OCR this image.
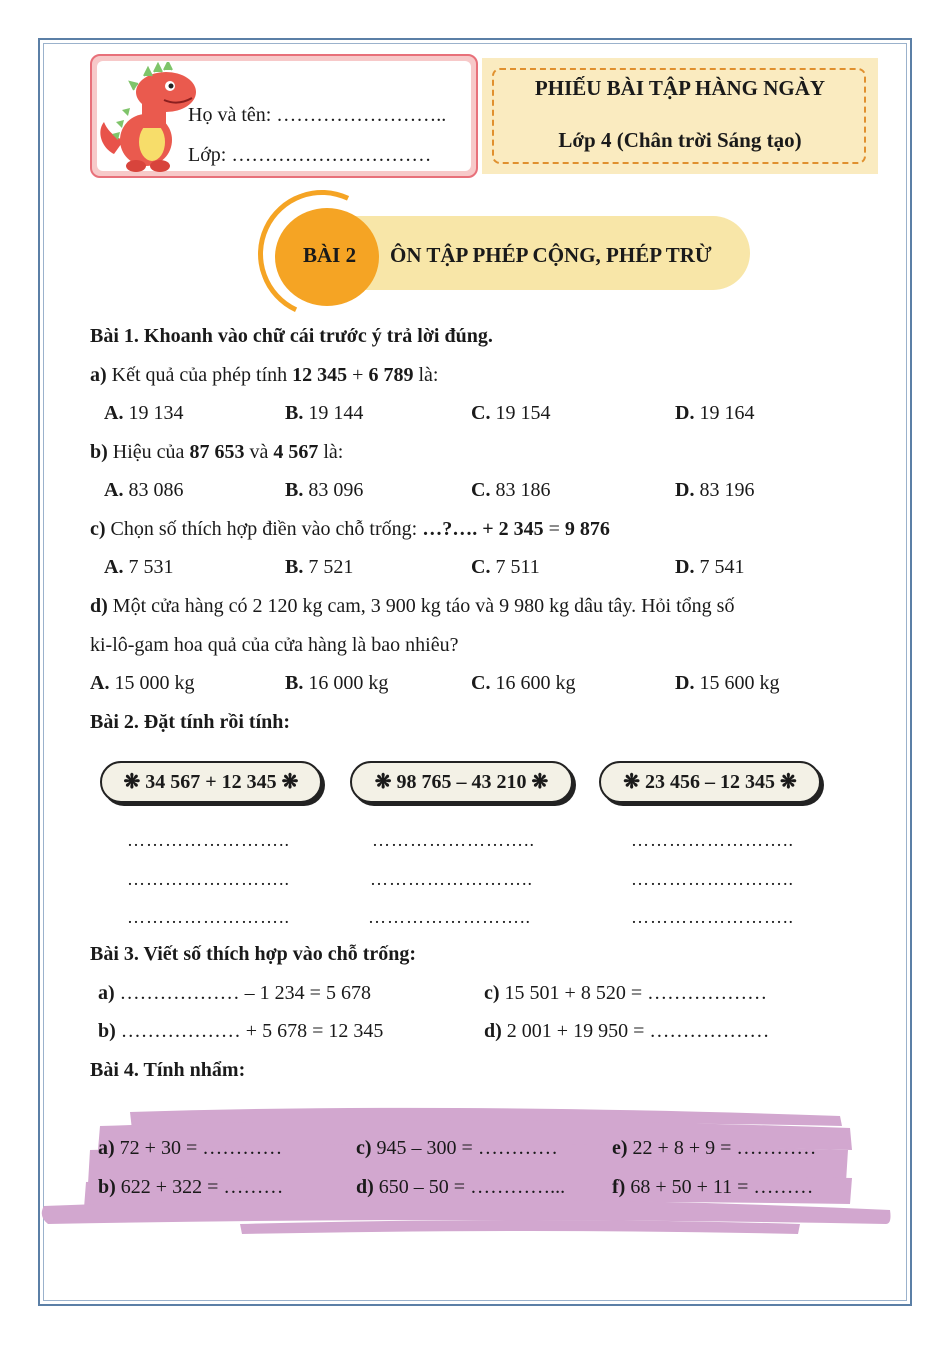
Họ và tên: ……………………..
Lớp: …………………………
PHIẾU BÀI TẬP HÀNG NGÀY
Lớp 4 (Chân trời Sáng tạo)
BÀI 2 ÔN TẬP PHÉP CỘNG, PHÉP TRỪ
Bài 1. Khoanh vào chữ cái trước ý trả lời đúng.
a) Kết quả của phép tính 12 345 + 6 789 là:
A. 19 134	B. 19 144	C. 19 154	D. 19 164
b) Hiệu của 87 653 và 4 567 là:
A. 83 086	B. 83 096	C. 83 186	D. 83 196
c) Chọn số thích hợp điền vào chỗ trống: …?…. + 2 345 = 9 876
A. 7 531	B. 7 521	C. 7 511	D. 7 541
d) Một cửa hàng có 2 120 kg cam, 3 900 kg táo và 9 980 kg dâu tây. Hỏi tổng số
ki-lô-gam hoa quả của cửa hàng là bao nhiêu?
A. 15 000 kg	B. 16 000 kg	C. 16 600 kg	D. 15 600 kg
Bài 2. Đặt tính rồi tính:
❋ 34 567 + 12 345 ❋	❋ 98 765 – 43 210 ❋	❋ 23 456 – 12 345 ❋
……………………..	……………………..	……………………..
……………………..	……………………..	……………………..
……………………..	……………………..	……………………..
Bài 3. Viết số thích hợp vào chỗ trống:
a) ……………… – 1 234 = 5 678	c) 15 501 + 8 520 = ………………
b) ……………… + 5 678 = 12 345	d) 2 001 + 19 950 = ………………
Bài 4. Tính nhẩm:
a) 72 + 30 = …………	c) 945 – 300 = …………	e) 22 + 8 + 9 = …………
b) 622 + 322 = ………	d) 650 – 50 = …………... f) 68 + 50 + 11 = ………
